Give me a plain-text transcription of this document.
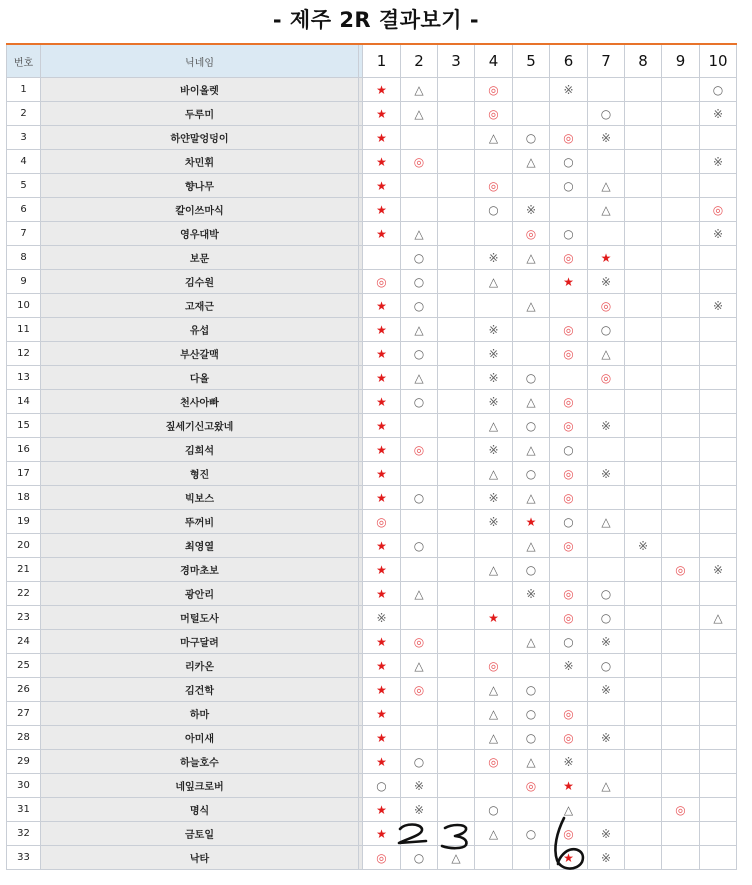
- 제주 2R 결과보기 -
번호	닉네임		1	2	3	4	5	6	7	8	9	10
1	바이올렛		★	△		◎		※				○
2	두루미		★	△		◎			○			※
3	하얀말엉덩이		★			△	○	◎	※			
4	차민휘		★	◎			△	○				※
5	향나무		★			◎		○	△			
6	칼이쓰마식		★			○	※		△			◎
7	영우대박		★	△			◎	○				※
8	보문			○		※	△	◎	★			
9	김수원		◎	○		△		★	※			
10	고재근		★	○			△		◎			※
11	유섭		★	△		※		◎	○			
12	부산갈맥		★	○		※		◎	△			
13	다올		★	△		※	○		◎			
14	천사아빠		★	○		※	△	◎				
15	짚세기신고왔네		★			△	○	◎	※			
16	김희석		★	◎		※	△	○				
17	형진		★			△	○	◎	※			
18	빅보스		★	○		※	△	◎				
19	뚜꺼비		◎			※	★	○	△			
20	최영열		★	○			△	◎		※		
21	경마초보		★			△	○				◎	※
22	광안리		★	△			※	◎	○			
23	머털도사		※			★		◎	○			△
24	마구달려		★	◎			△	○	※			
25	리카온		★	△		◎		※	○			
26	김건학		★	◎		△	○		※			
27	하마		★			△	○	◎				
28	아미새		★			△	○	◎	※			
29	하늘호수		★	○		◎	△	※				
30	네잎크로버		○	※			◎	★	△			
31	명식		★	※		○		△			◎	
32	금토일		★			△	○	◎	※			
33	낙타		◎	○	△			★	※			
